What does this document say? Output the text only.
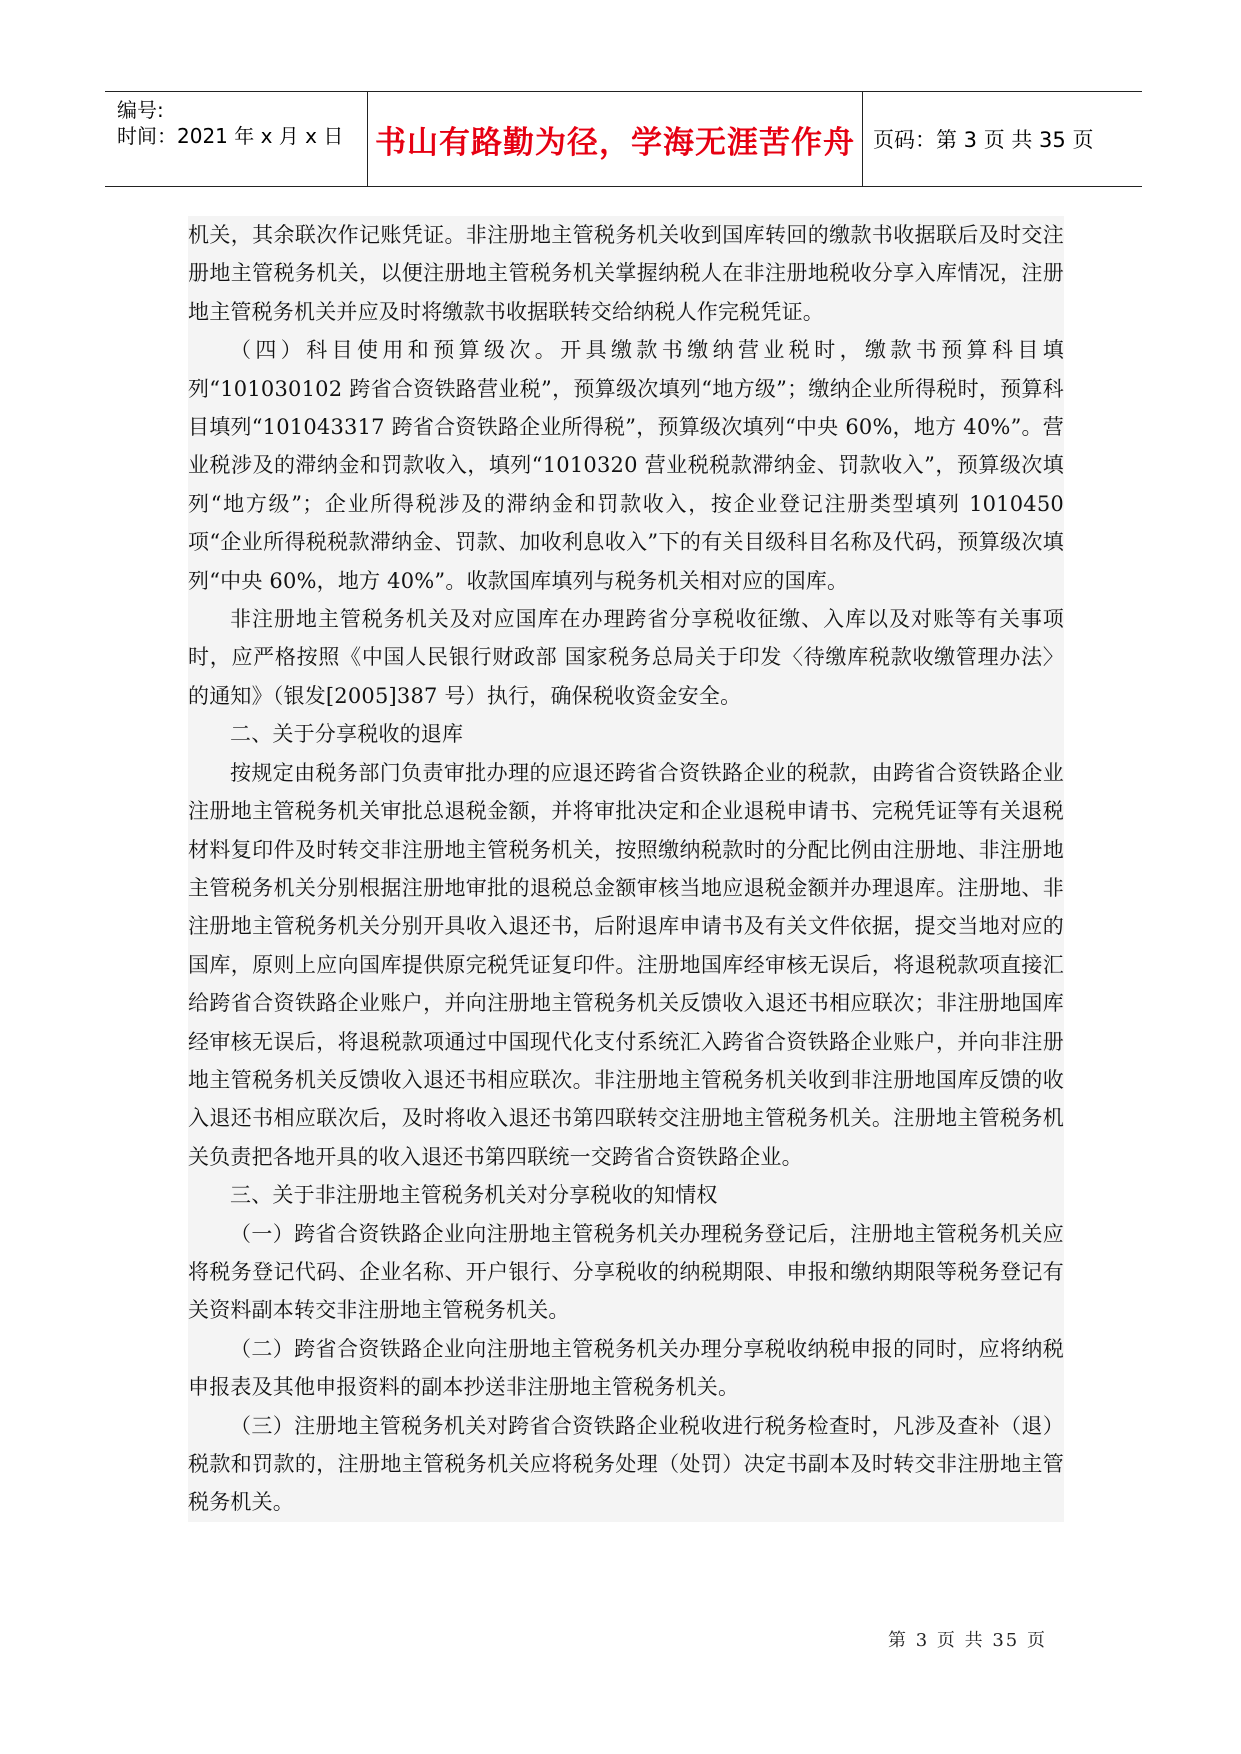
编号:
时间：2021 年 x 月 x 日 书山有路勤为径，学海无涯苦作舟 页码：第 3 页 共 35 页

机关，其余联次作记账凭证。非注册地主管税务机关收到国库转回的缴款书收据联后及时交注册地主管税务机关，以便注册地主管税务机关掌握纳税人在非注册地税收分享入库情况，注册地主管税务机关并应及时将缴款书收据联转交给纳税人作完税凭证。

（四）科目使用和预算级次。开具缴款书缴纳营业税时，缴款书预算科目填列“101030102 跨省合资铁路营业税”，预算级次填列“地方级”；缴纳企业所得税时，预算科目填列“101043317 跨省合资铁路企业所得税”，预算级次填列“中央 60%，地方 40%”。营业税涉及的滞纳金和罚款收入，填列“1010320 营业税税款滞纳金、罚款收入”，预算级次填列“地方级”；企业所得税涉及的滞纳金和罚款收入，按企业登记注册类型填列 1010450 项“企业所得税税款滞纳金、罚款、加收利息收入”下的有关目级科目名称及代码，预算级次填列“中央 60%，地方 40%”。收款国库填列与税务机关相对应的国库。

非注册地主管税务机关及对应国库在办理跨省分享税收征缴、入库以及对账等有关事项时，应严格按照《中国人民银行财政部 国家税务总局关于印发〈待缴库税款收缴管理办法〉的通知》（银发[2005]387 号）执行，确保税收资金安全。

二、关于分享税收的退库

按规定由税务部门负责审批办理的应退还跨省合资铁路企业的税款，由跨省合资铁路企业注册地主管税务机关审批总退税金额，并将审批决定和企业退税申请书、完税凭证等有关退税材料复印件及时转交非注册地主管税务机关，按照缴纳税款时的分配比例由注册地、非注册地主管税务机关分别根据注册地审批的退税总金额审核当地应退税金额并办理退库。注册地、非注册地主管税务机关分别开具收入退还书，后附退库申请书及有关文件依据，提交当地对应的国库，原则上应向国库提供原完税凭证复印件。注册地国库经审核无误后，将退税款项直接汇给跨省合资铁路企业账户，并向注册地主管税务机关反馈收入退还书相应联次；非注册地国库经审核无误后，将退税款项通过中国现代化支付系统汇入跨省合资铁路企业账户，并向非注册地主管税务机关反馈收入退还书相应联次。非注册地主管税务机关收到非注册地国库反馈的收入退还书相应联次后，及时将收入退还书第四联转交注册地主管税务机关。注册地主管税务机关负责把各地开具的收入退还书第四联统一交跨省合资铁路企业。

三、关于非注册地主管税务机关对分享税收的知情权

（一）跨省合资铁路企业向注册地主管税务机关办理税务登记后，注册地主管税务机关应将税务登记代码、企业名称、开户银行、分享税收的纳税期限、申报和缴纳期限等税务登记有关资料副本转交非注册地主管税务机关。

（二）跨省合资铁路企业向注册地主管税务机关办理分享税收纳税申报的同时，应将纳税申报表及其他申报资料的副本抄送非注册地主管税务机关。

（三）注册地主管税务机关对跨省合资铁路企业税收进行税务检查时，凡涉及查补（退）税款和罚款的，注册地主管税务机关应将税务处理（处罚）决定书副本及时转交非注册地主管税务机关。

第 3 页 共 35 页
